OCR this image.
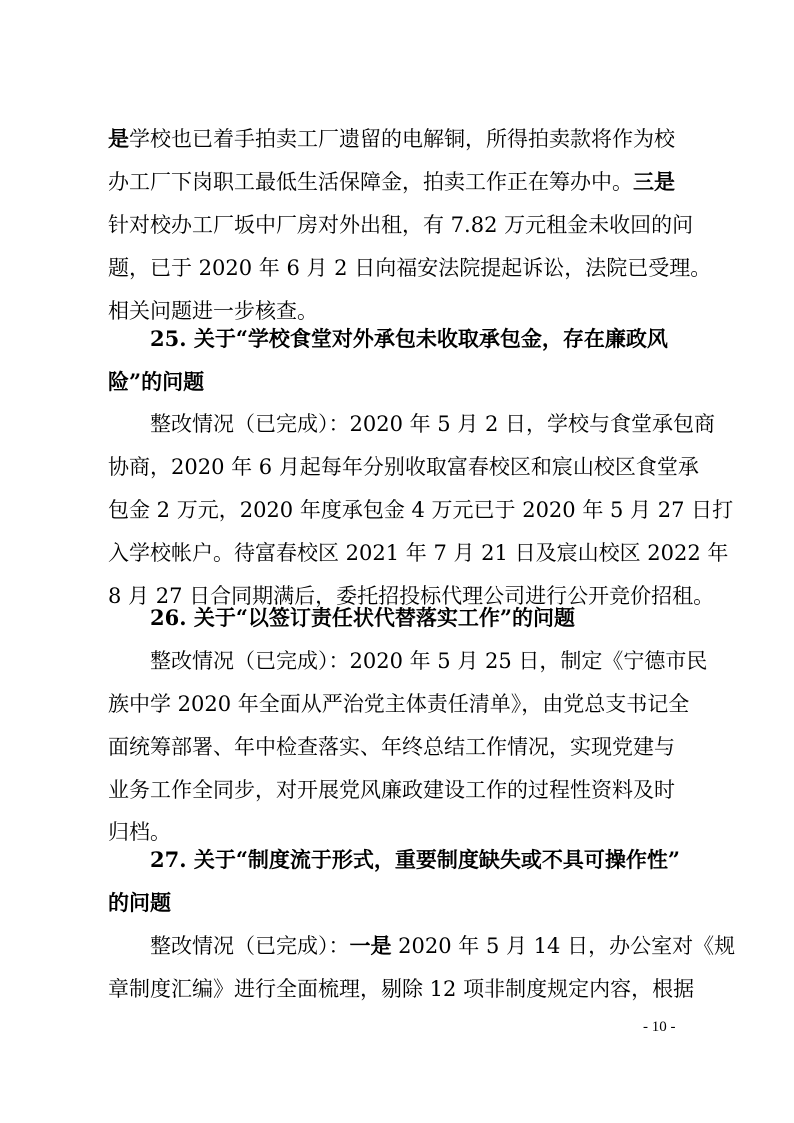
是学校也已着手拍卖工厂遗留的电解铜，所得拍卖款将作为校
办工厂下岗职工最低生活保障金，拍卖工作正在筹办中。三是
针对校办工厂坂中厂房对外出租，有 7.82 万元租金未收回的问
题，已于 2020 年 6 月 2 日向福安法院提起诉讼，法院已受理。
相关问题进一步核查。
25. 关于“学校食堂对外承包未收取承包金，存在廉政风
险”的问题
整改情况（已完成）：2020 年 5 月 2 日，学校与食堂承包商
协商，2020 年 6 月起每年分别收取富春校区和宸山校区食堂承
包金 2 万元，2020 年度承包金 4 万元已于 2020 年 5 月 27 日打
入学校帐户。待富春校区 2021 年 7 月 21 日及宸山校区 2022 年
8 月 27 日合同期满后，委托招投标代理公司进行公开竞价招租。
26. 关于“以签订责任状代替落实工作”的问题
整改情况（已完成）：2020 年 5 月 25 日，制定《宁德市民
族中学 2020 年全面从严治党主体责任清单》，由党总支书记全
面统筹部署、年中检查落实、年终总结工作情况，实现党建与
业务工作全同步，对开展党风廉政建设工作的过程性资料及时
归档。
27. 关于“制度流于形式，重要制度缺失或不具可操作性”
的问题
整改情况（已完成）：一是 2020 年 5 月 14 日，办公室对《规
章制度汇编》进行全面梳理，剔除 12 项非制度规定内容，根据
- 10 -
